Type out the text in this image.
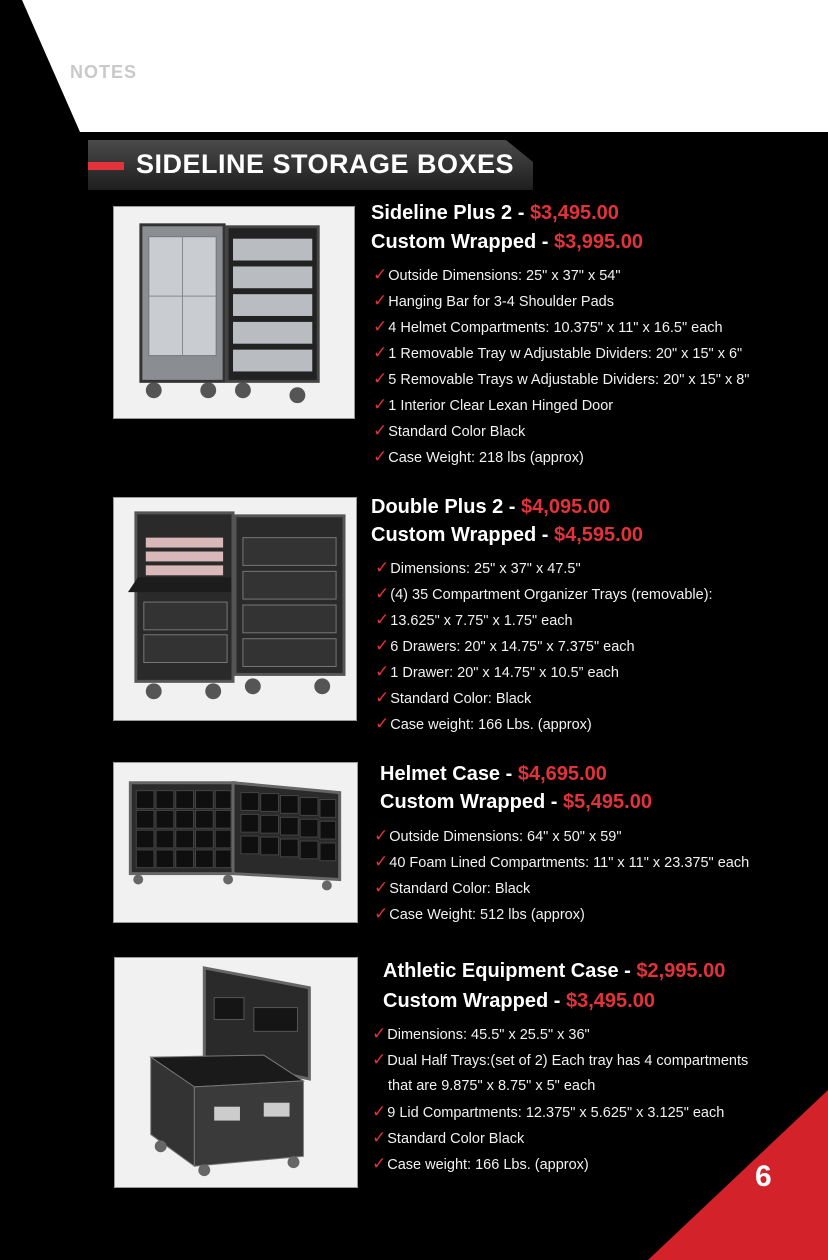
NOTES
SIDELINE STORAGE BOXES
Sideline Plus 2 - $3,495.00
Custom Wrapped - $3,995.00
✓Outside Dimensions: 25" x 37" x 54"
✓Hanging Bar for 3-4 Shoulder Pads
✓4 Helmet Compartments: 10.375" x 11" x 16.5" each
✓1 Removable Tray w Adjustable Dividers: 20" x 15" x 6"
✓5 Removable Trays w Adjustable Dividers: 20" x 15" x 8"
✓1 Interior Clear Lexan Hinged Door
✓Standard Color Black
✓Case Weight: 218 lbs (approx)
Double Plus 2 - $4,095.00
Custom Wrapped - $4,595.00
✓Dimensions: 25" x 37" x 47.5"
✓(4) 35 Compartment Organizer Trays (removable):
✓13.625" x 7.75" x 1.75" each
✓6 Drawers: 20" x 14.75" x 7.375" each
✓1 Drawer: 20" x 14.75" x 10.5” each
✓Standard Color: Black
✓Case weight: 166 Lbs. (approx)
Helmet Case - $4,695.00
Custom Wrapped - $5,495.00
✓Outside Dimensions: 64" x 50" x 59"
✓40 Foam Lined Compartments: 11" x 11" x 23.375" each
✓Standard Color: Black
✓Case Weight: 512 lbs (approx)
Athletic Equipment Case - $2,995.00
Custom Wrapped - $3,495.00
✓Dimensions: 45.5" x 25.5" x 36"
✓Dual Half Trays:(set of 2) Each tray has 4 compartments
that are 9.875" x 8.75" x 5" each
✓9 Lid Compartments: 12.375" x 5.625" x 3.125" each
✓Standard Color Black
✓Case weight: 166 Lbs. (approx)	6
